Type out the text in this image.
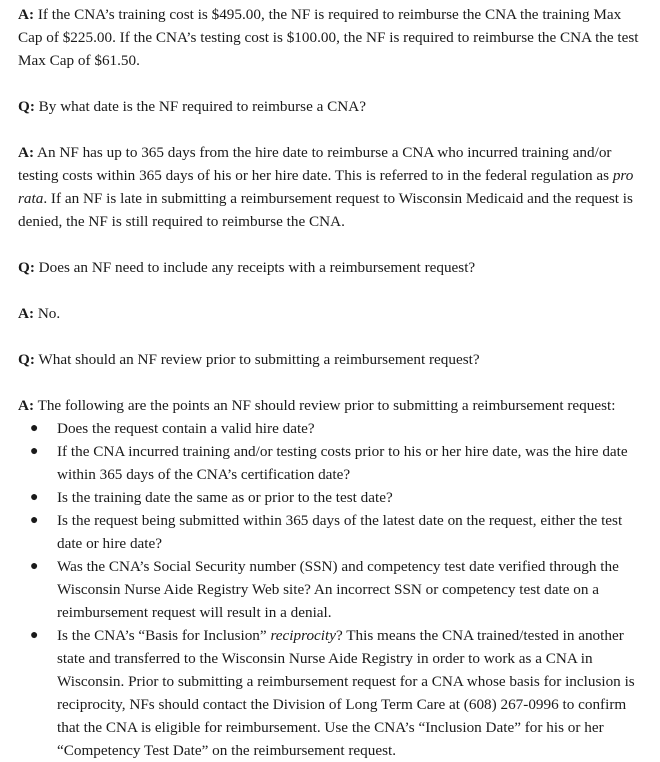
A: If the CNA’s training cost is $495.00, the NF is required to reimburse the CNA the training Max Cap of $225.00. If the CNA’s testing cost is $100.00, the NF is required to reimburse the CNA the test Max Cap of $61.50.

Q: By what date is the NF required to reimburse a CNA?

A: An NF has up to 365 days from the hire date to reimburse a CNA who incurred training and/or testing costs within 365 days of his or her hire date. This is referred to in the federal regulation as pro rata. If an NF is late in submitting a reimbursement request to Wisconsin Medicaid and the request is denied, the NF is still required to reimburse the CNA.

Q: Does an NF need to include any receipts with a reimbursement request?

A: No.

Q: What should an NF review prior to submitting a reimbursement request?

A: The following are the points an NF should review prior to submitting a reimbursement request:

● Does the request contain a valid hire date?
● If the CNA incurred training and/or testing costs prior to his or her hire date, was the hire date within 365 days of the CNA’s certification date?
● Is the training date the same as or prior to the test date?
● Is the request being submitted within 365 days of the latest date on the request, either the test date or hire date?
● Was the CNA’s Social Security number (SSN) and competency test date verified through the Wisconsin Nurse Aide Registry Web site? An incorrect SSN or competency test date on a reimbursement request will result in a denial.
● Is the CNA’s “Basis for Inclusion” reciprocity? This means the CNA trained/tested in another state and transferred to the Wisconsin Nurse Aide Registry in order to work as a CNA in Wisconsin. Prior to submitting a reimbursement request for a CNA whose basis for inclusion is reciprocity, NFs should contact the Division of Long Term Care at (608) 267-0996 to confirm that the CNA is eligible for reimbursement. Use the CNA’s “Inclusion Date” for his or her “Competency Test Date” on the reimbursement request.
